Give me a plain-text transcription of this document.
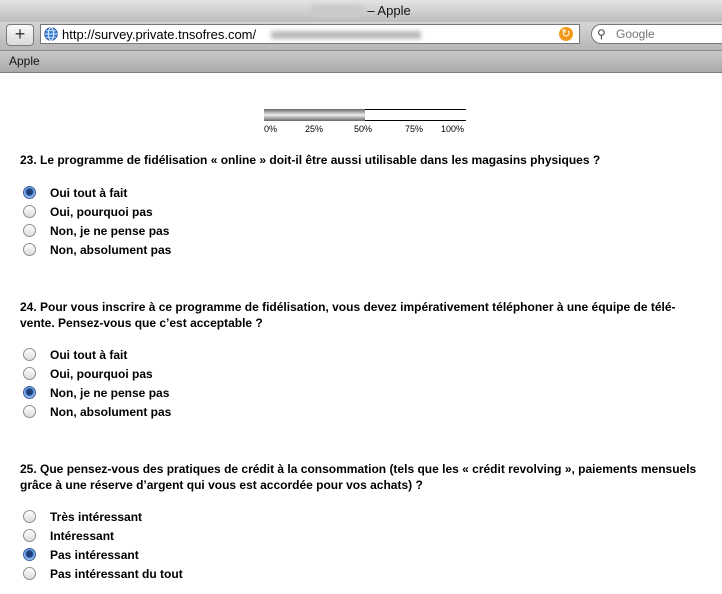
– Apple
+	http://survey.private.tnsofres.com/	↻ ⚲
Google
Apple
0%	25%	50%	75% 100%
23. Le programme de fidélisation « online » doit-il être aussi utilisable dans les magasins physiques ?
Oui tout à fait
Oui, pourquoi pas
Non, je ne pense pas
Non, absolument pas
24. Pour vous inscrire à ce programme de fidélisation, vous devez impérativement téléphoner à une équipe de télé-vente. Pensez-vous que c’est acceptable ?
Oui tout à fait
Oui, pourquoi pas
Non, je ne pense pas
Non, absolument pas
25. Que pensez-vous des pratiques de crédit à la consommation (tels que les « crédit revolving », paiements mensuels grâce à une réserve d’argent qui vous est accordée pour vos achats) ?
Très intéressant
Intéressant
Pas intéressant
Pas intéressant du tout
